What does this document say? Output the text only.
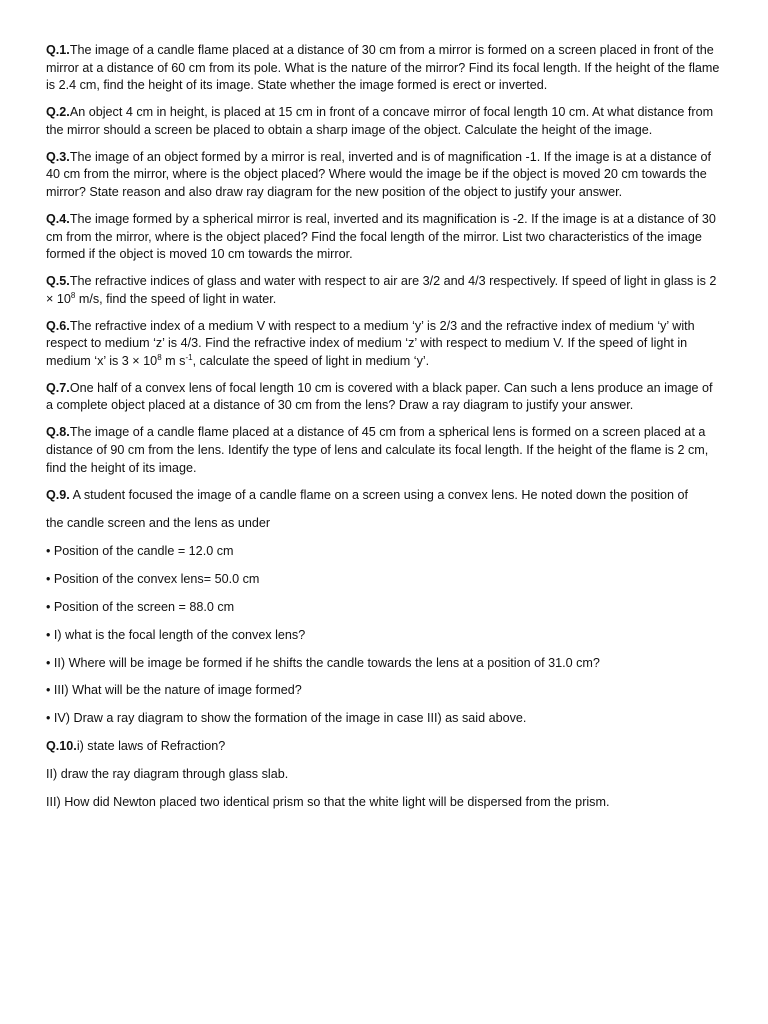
Q.1.The image of a candle flame placed at a distance of 30 cm from a mirror is formed on a screen placed in front of the mirror at a distance of 60 cm from its pole. What is the nature of the mirror? Find its focal length. If the height of the flame is 2.4 cm, find the height of its image. State whether the image formed is erect or inverted.

Q.2.An object 4 cm in height, is placed at 15 cm in front of a concave mirror of focal length 10 cm. At what distance from the mirror should a screen be placed to obtain a sharp image of the object. Calculate the height of the image.

Q.3.The image of an object formed by a mirror is real, inverted and is of magnification -1. If the image is at a distance of 40 cm from the mirror, where is the object placed? Where would the image be if the object is moved 20 cm towards the mirror? State reason and also draw ray diagram for the new position of the object to justify your answer.

Q.4.The image formed by a spherical mirror is real, inverted and its magnification is -2. If the image is at a distance of 30 cm from the mirror, where is the object placed? Find the focal length of the mirror. List two characteristics of the image formed if the object is moved 10 cm towards the mirror.

Q.5.The refractive indices of glass and water with respect to air are 3/2 and 4/3 respectively. If speed of light in glass is $2 \times 10^8$ m/s, find the speed of light in water.

Q.6.The refractive index of a medium V with respect to a medium ‘y’ is 2/3 and the refractive index of medium ‘y’ with respect to medium ‘z’ is 4/3. Find the refractive index of medium ‘z’ with respect to medium V. If the speed of light in medium ‘x’ is $3 \times 10^8$ m $s^{-1}$, calculate the speed of light in medium ‘y’.

Q.7.One half of a convex lens of focal length 10 cm is covered with a black paper. Can such a lens produce an image of a complete object placed at a distance of 30 cm from the lens? Draw a ray diagram to justify your answer.

Q.8.The image of a candle flame placed at a distance of 45 cm from a spherical lens is formed on a screen placed at a distance of 90 cm from the lens. Identify the type of lens and calculate its focal length. If the height of the flame is 2 cm, find the height of its image.

Q.9. A student focused the image of a candle flame on a screen using a convex lens. He noted down the position of

the candle screen and the lens as under

• Position of the candle = 12.0 cm

• Position of the convex lens= 50.0 cm

• Position of the screen = 88.0 cm

• I) what is the focal length of the convex lens?

• II) Where will be image be formed if he shifts the candle towards the lens at a position of 31.0 cm?

• III) What will be the nature of image formed?

• IV) Draw a ray diagram to show the formation of the image in case III) as said above.

Q.10.i) state laws of Refraction?

II) draw the ray diagram through glass slab.

III) How did Newton placed two identical prism so that the white light will be dispersed from the prism.
